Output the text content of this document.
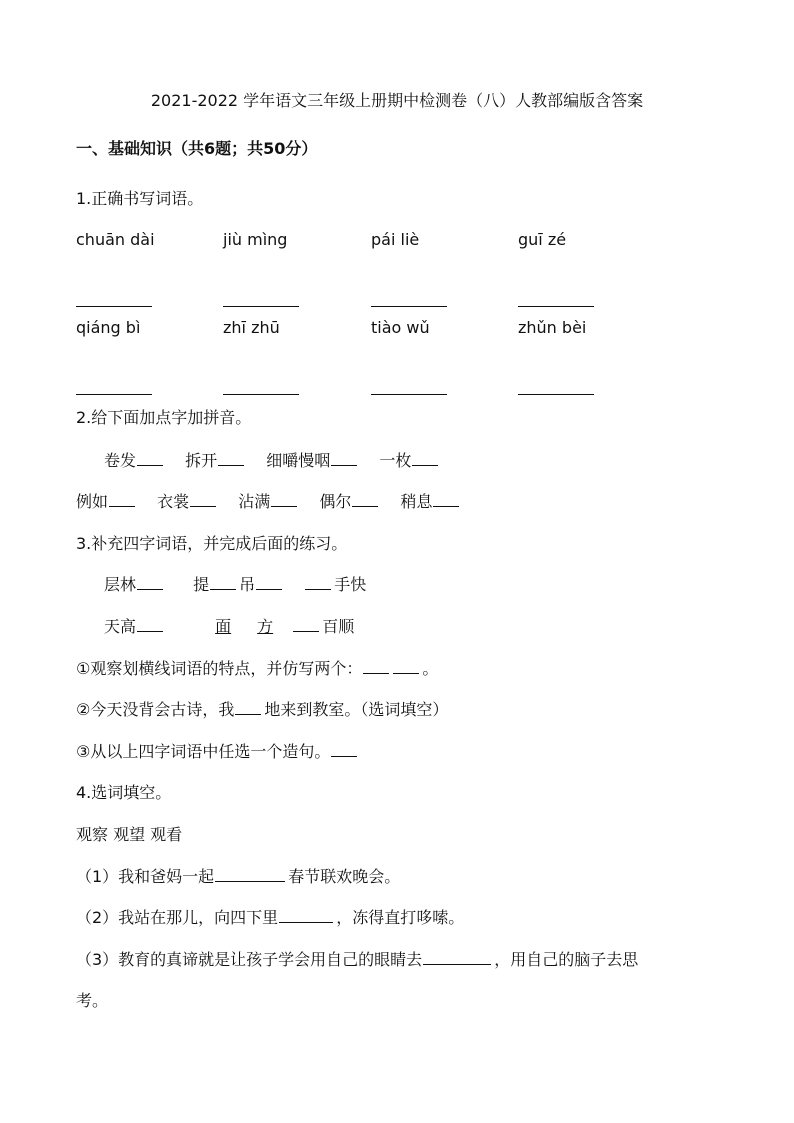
2021-2022 学年语文三年级上册期中检测卷（八）人教部编版含答案
一、基础知识（共6题；共50分）
1.正确书写词语。
chuān dài	jiù mìng	pái liè	guī zé
qiáng bì	zhī zhū	tiào wǔ	zhǔn bèi
2.给下面加点字加拼音。
卷发	拆开	细嚼慢咽	一枚
例如	衣裳	沾满	偶尔	稍息
3.补充四字词语，并完成后面的练习。
层林	提 吊	手快
天高	面 方	百顺
①观察划横线词语的特点，并仿写两个：	。
②今天没背会古诗，我 地来到教室。（选词填空）
③从以上四字词语中任选一个造句。
4.选词填空。
观察 观望 观看
（1）我和爸妈一起	春节联欢晚会。
（2）我站在那儿，向四下里	，冻得直打哆嗦。
（3）教育的真谛就是让孩子学会用自己的眼睛去	，用自己的脑子去思
考。
